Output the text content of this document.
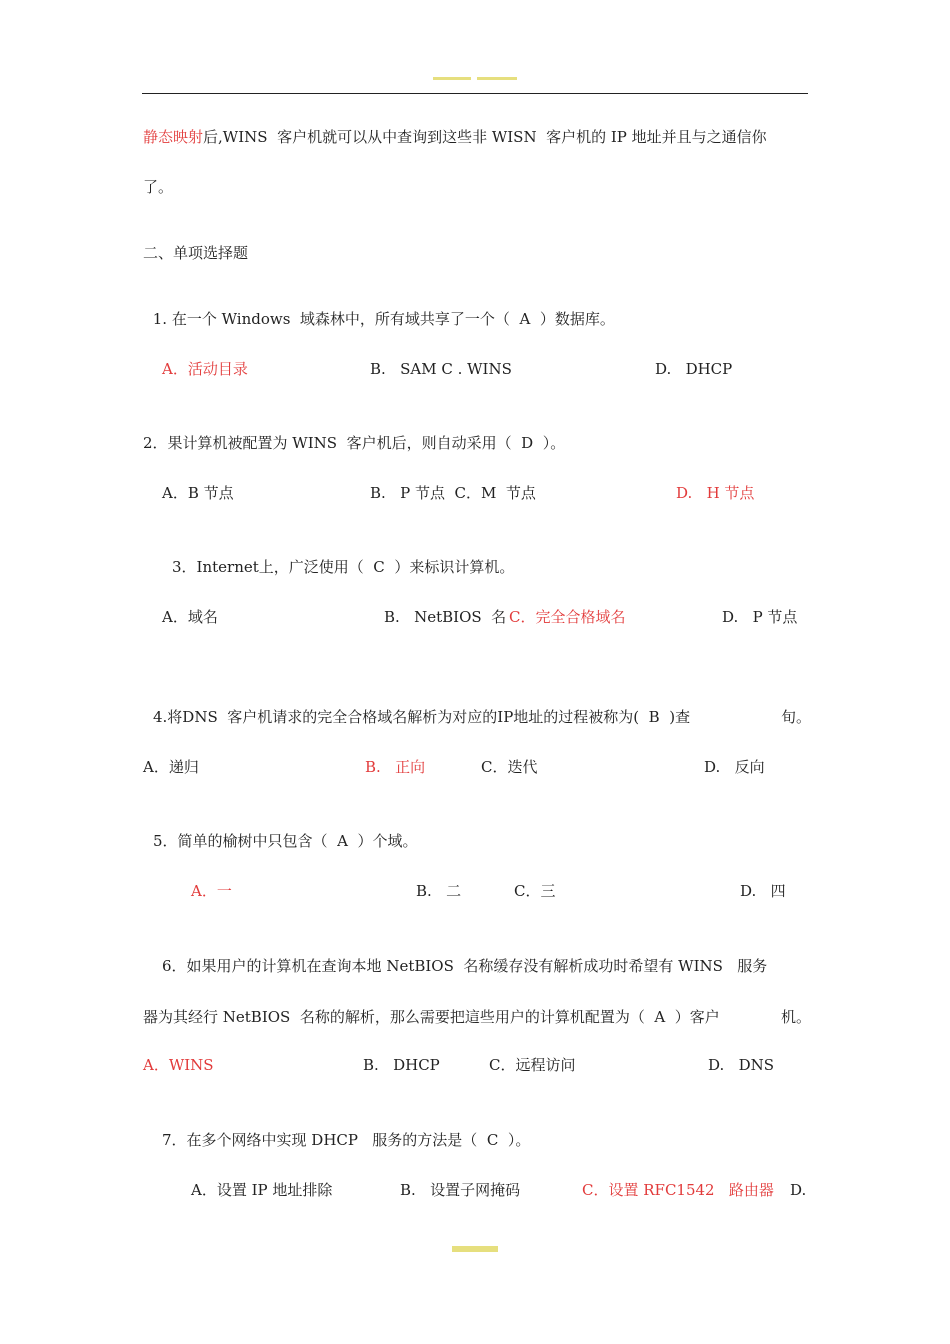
静态映射后,WINS  客户机就可以从中查询到这些非 WISN  客户机的 IP 地址并且与之通信你
了。
二、单项选择题
1. 在一个 Windows  域森林中，所有域共享了一个（  A  ）数据库。
A．活动目录	B.   SAM C . WINS	D.   DHCP
2．果计算机被配置为 WINS  客户机后，则自动采用（  D  ）。
A．B 节点	B.   P 节点  C．M  节点	D.   H 节点
3．Internet上，广泛使用（  C  ）来标识计算机。
A．域名	B.   NetBIOS  名 C．完全合格域名	D.   P 节点
4.将DNS  客户机请求的完全合格域名解析为对应的IP地址的过程被称为(  B  )查	旬。
A．递归	B.   正向	C．迭代	D.   反向
5．简单的榆树中只包含（  A  ）个域。
A．一	B.   二	C．三	D.   四
6．如果用户的计算机在查询本地 NetBIOS  名称缓存没有解析成功时希望有 WINS   服务
器为其经行 NetBIOS  名称的解析，那么需要把這些用户的计算机配置为（  A  ）客户	机。
A．WINS	B.   DHCP	C．远程访问	D.   DNS
7．在多个网络中实现 DHCP   服务的方法是（  C  ）。
A．设置 IP 地址排除	B.   设置子网掩码	C．设置 RFC1542   路由器 D.
